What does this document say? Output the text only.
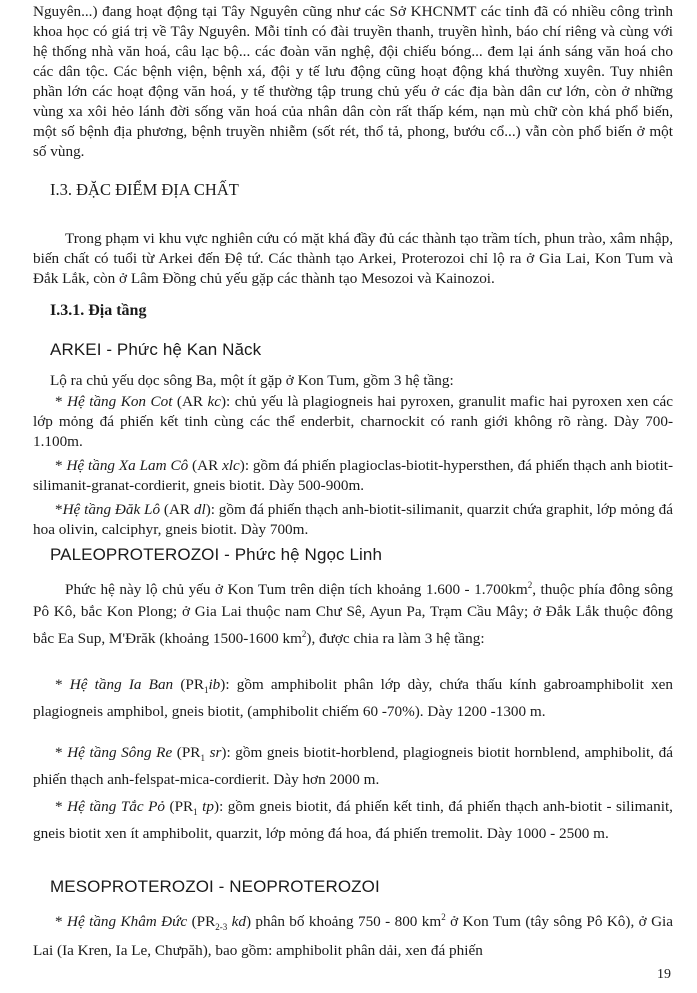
Nguyên...) đang hoạt động tại Tây Nguyên cũng như các Sở KHCNMT các tỉnh đã có nhiều công trình khoa học có giá trị về Tây Nguyên. Mỗi tỉnh có đài truyền thanh, truyền hình, báo chí riêng và cùng với hệ thống nhà văn hoá, câu lạc bộ... các đoàn văn nghệ, đội chiếu bóng... đem lại ánh sáng văn hoá cho các dân tộc. Các bệnh viện, bệnh xá, đội y tế lưu động cũng hoạt động khá thường xuyên. Tuy nhiên phần lớn các hoạt động văn hoá, y tế thường tập trung chủ yếu ở các địa bàn dân cư lớn, còn ở những vùng xa xôi hẻo lánh đời sống văn hoá của nhân dân còn rất thấp kém, nạn mù chữ còn khá phổ biến, một số bệnh địa phương, bệnh truyền nhiễm (sốt rét, thổ tả, phong, bướu cổ...) vẫn còn phổ biến ở một số vùng.

I.3. ĐẶC ĐIỂM ĐỊA CHẤT

Trong phạm vi khu vực nghiên cứu có mặt khá đầy đủ các thành tạo trầm tích, phun trào, xâm nhập, biến chất có tuổi từ Arkei đến Đệ tứ. Các thành tạo Arkei, Proterozoi chỉ lộ ra ở Gia Lai, Kon Tum và Đắk Lắk, còn ở Lâm Đồng chủ yếu gặp các thành tạo Mesozoi và Kainozoi.

I.3.1. Địa tầng
ARKEI - Phức hệ Kan Năck

Lộ ra chủ yếu dọc sông Ba, một ít gặp ở Kon Tum, gồm 3 hệ tầng:

* Hệ tầng Kon Cot (AR kc): chủ yếu là plagiogneis hai pyroxen, granulit mafic hai pyroxen xen các lớp mỏng đá phiến kết tinh cùng các thể enderbit, charnockit có ranh giới không rõ ràng. Dày 700-1.100m.

* Hệ tầng Xa Lam Cô (AR xlc): gồm đá phiến plagioclas-biotit-hypersthen, đá phiến thạch anh biotit-silimanit-granat-cordierit, gneis biotit. Dày 500-900m.

*Hệ tầng Đăk Lô (AR dl): gồm đá phiến thạch anh-biotit-silimanit, quarzit chứa graphit, lớp mỏng đá hoa olivin, calciphyr, gneis biotit. Dày 700m.

PALEOPROTEROZOI - Phức hệ Ngọc Linh

Phức hệ này lộ chủ yếu ở Kon Tum trên diện tích khoảng $1.600 - 1.700km^2$, thuộc phía đông sông Pô Kô, bắc Kon Plong; ở Gia Lai thuộc nam Chư Sê, Ayun Pa, Trạm Cầu Mây; ở Đắk Lắk thuộc đông bắc Ea Sup, M'Đrăk (khoảng 1500-1600 $km^2$), được chia ra làm 3 hệ tầng:

* Hệ tầng Ia Ban $(PR_1ib)$: gồm amphibolit phân lớp dày, chứa thấu kính gabroamphibolit xen plagiogneis amphibol, gneis biotit, (amphibolit chiếm 60 -70%). Dày 1200 -1300 m.

* Hệ tầng Sông Re ($PR_1$ sr): gồm gneis biotit-horblend, plagiogneis biotit hornblend, amphibolit, đá phiến thạch anh-felspat-mica-cordierit. Dày hơn 2000 m.

* Hệ tầng Tắc Pỏ ($PR_1$ tp): gồm gneis biotit, đá phiến kết tinh, đá phiến thạch anh-biotit - silimanit, gneis biotit xen ít amphibolit, quarzit, lớp mỏng đá hoa, đá phiến tremolit. Dày 1000 - 2500 m.

MESOPROTEROZOI - NEOPROTEROZOI

* Hệ tầng Khâm Đức ($PR_{2-3}$ kd) phân bố khoảng 750 - 800 $km^2$ ở Kon Tum (tây sông Pô Kô), ở Gia Lai (Ia Kren, Ia Le, Chưpăh), bao gồm: amphibolit phân dải, xen đá phiến

19
